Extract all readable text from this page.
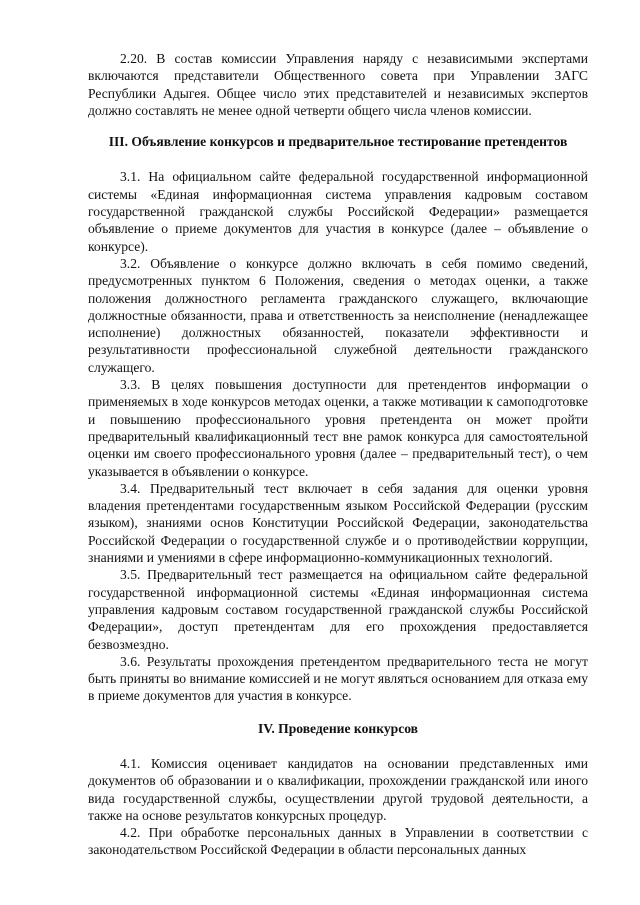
2.20. В состав комиссии Управления наряду с независимыми экспертами включаются представители Общественного совета при Управлении ЗАГС Республики Адыгея. Общее число этих представителей и независимых экспертов должно составлять не менее одной четверти общего числа членов комиссии.

III. Объявление конкурсов и предварительное тестирование претендентов

3.1. На официальном сайте федеральной государственной информационной системы «Единая информационная система управления кадровым составом государственной гражданской службы Российской Федерации» размещается объявление о приеме документов для участия в конкурсе (далее – объявление о конкурсе).

3.2. Объявление о конкурсе должно включать в себя помимо сведений, предусмотренных пунктом 6 Положения, сведения о методах оценки, а также положения должностного регламента гражданского служащего, включающие должностные обязанности, права и ответственность за неисполнение (ненадлежащее исполнение) должностных обязанностей, показатели эффективности и результативности профессиональной служебной деятельности гражданского служащего.

3.3. В целях повышения доступности для претендентов информации о применяемых в ходе конкурсов методах оценки, а также мотивации к самоподготовке и повышению профессионального уровня претендента он может пройти предварительный квалификационный тест вне рамок конкурса для самостоятельной оценки им своего профессионального уровня (далее – предварительный тест), о чем указывается в объявлении о конкурсе.

3.4. Предварительный тест включает в себя задания для оценки уровня владения претендентами государственным языком Российской Федерации (русским языком), знаниями основ Конституции Российской Федерации, законодательства Российской Федерации о государственной службе и о противодействии коррупции, знаниями и умениями в сфере информационно-коммуникационных технологий.

3.5. Предварительный тест размещается на официальном сайте федеральной государственной информационной системы «Единая информационная система управления кадровым составом государственной гражданской службы Российской Федерации», доступ претендентам для его прохождения предоставляется безвозмездно.

3.6. Результаты прохождения претендентом предварительного теста не могут быть приняты во внимание комиссией и не могут являться основанием для отказа ему в приеме документов для участия в конкурсе.

IV. Проведение конкурсов

4.1. Комиссия оценивает кандидатов на основании представленных ими документов об образовании и о квалификации, прохождении гражданской или иного вида государственной службы, осуществлении другой трудовой деятельности, а также на основе результатов конкурсных процедур.

4.2. При обработке персональных данных в Управлении в соответствии с законодательством Российской Федерации в области персональных данных
